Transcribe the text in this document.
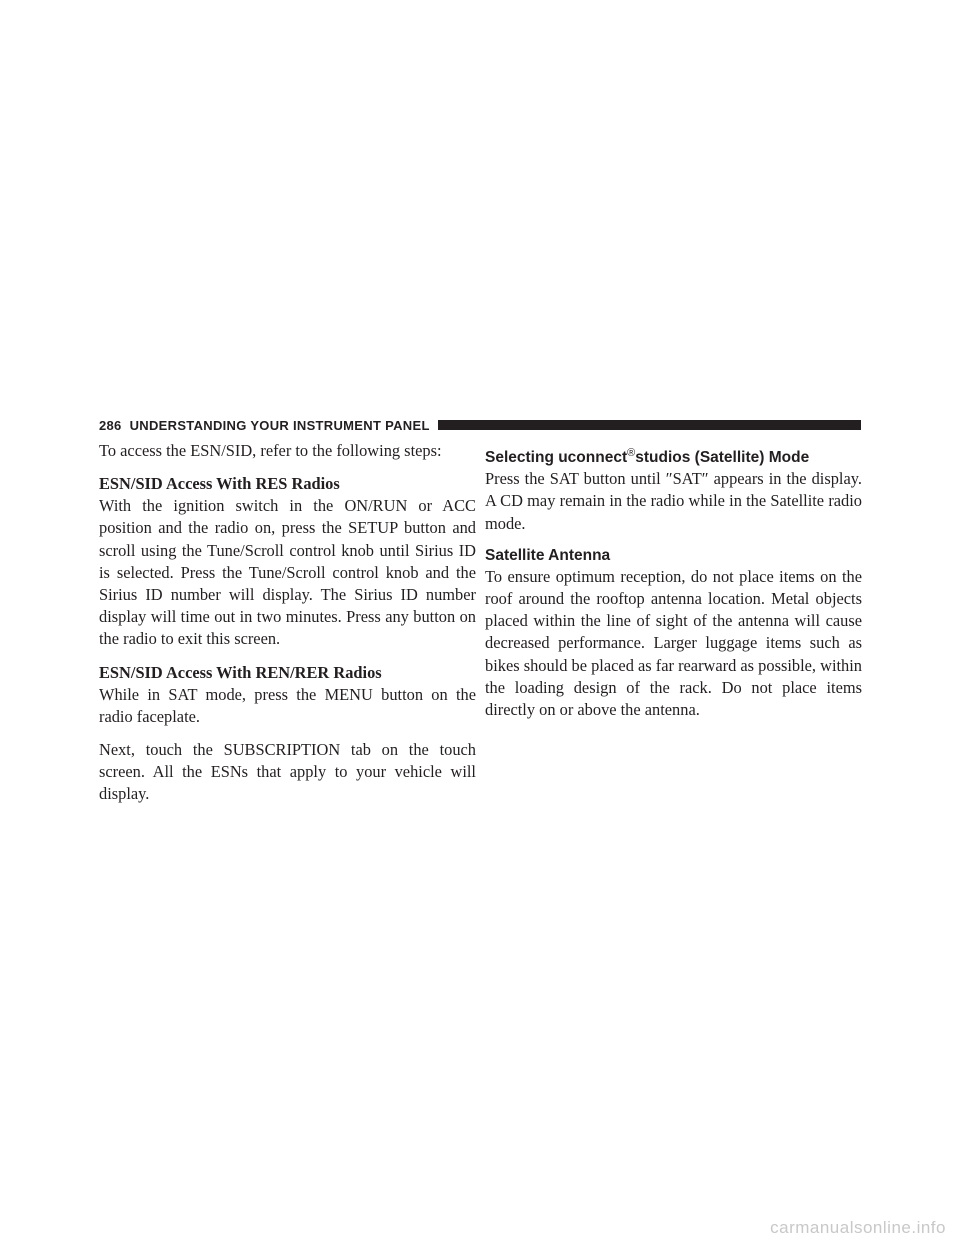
286 UNDERSTANDING YOUR INSTRUMENT PANEL

To access the ESN/SID, refer to the following steps:

ESN/SID Access With RES Radios

With the ignition switch in the ON/RUN or ACC position and the radio on, press the SETUP button and scroll using the Tune/Scroll control knob until Sirius ID is selected. Press the Tune/Scroll control knob and the Sirius ID number will display. The Sirius ID number display will time out in two minutes. Press any button on the radio to exit this screen.

ESN/SID Access With REN/RER Radios

While in SAT mode, press the MENU button on the radio faceplate.

Next, touch the SUBSCRIPTION tab on the touch screen. All the ESNs that apply to your vehicle will display.

Selecting uconnect®studios (Satellite) Mode

Press the SAT button until ″SAT″ appears in the display. A CD may remain in the radio while in the Satellite radio mode.

Satellite Antenna

To ensure optimum reception, do not place items on the roof around the rooftop antenna location. Metal objects placed within the line of sight of the antenna will cause decreased performance. Larger luggage items such as bikes should be placed as far rearward as possible, within the loading design of the rack. Do not place items directly on or above the antenna.

carmanualsonline.info
